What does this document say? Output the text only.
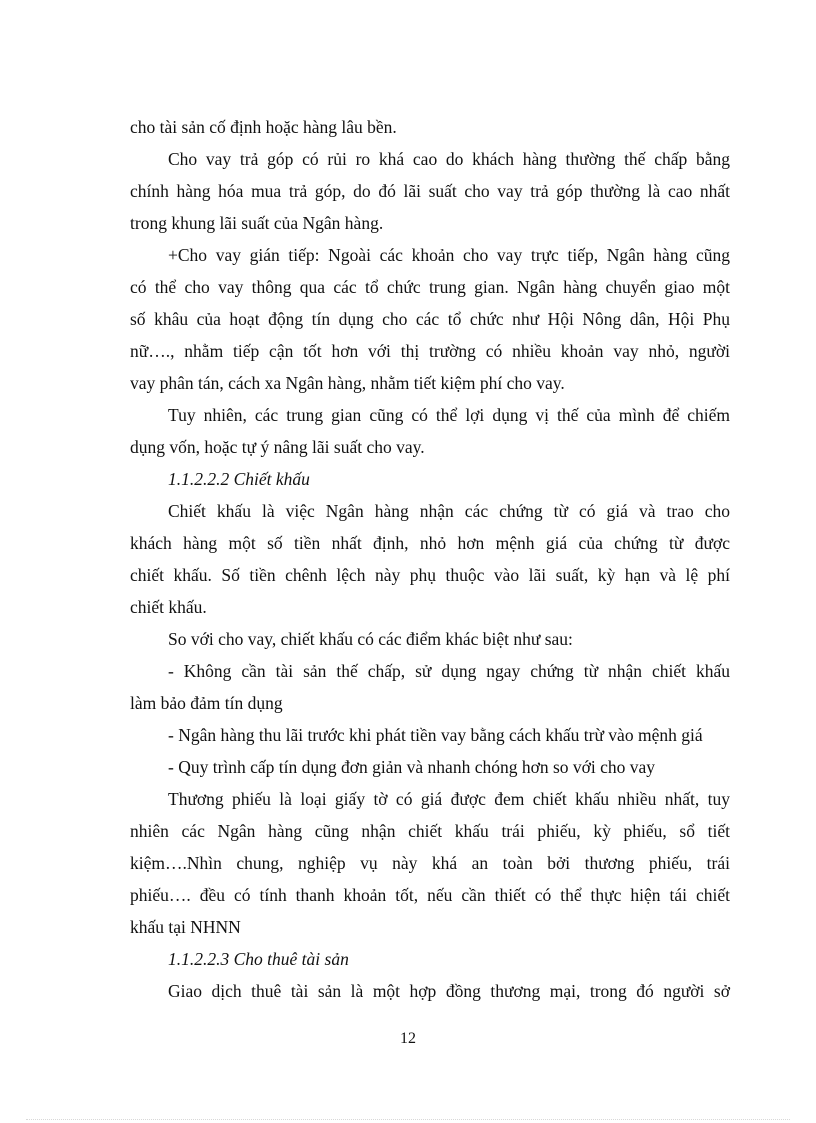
cho tài sản cố định hoặc hàng lâu bền.
Cho vay trả góp có rủi ro khá cao do khách hàng thường thế chấp bằng
chính hàng hóa mua trả góp, do đó lãi suất cho vay trả góp thường là cao nhất
trong khung lãi suất của Ngân hàng.
+Cho vay gián tiếp: Ngoài các khoản cho vay trực tiếp, Ngân hàng cũng
có thể cho vay thông qua các tổ chức trung gian. Ngân hàng chuyển giao một
số khâu của hoạt động tín dụng cho các tổ chức như Hội Nông dân, Hội Phụ
nữ…., nhằm tiếp cận tốt hơn với thị trường có nhiều khoản vay nhỏ, người
vay phân tán, cách xa Ngân hàng, nhằm tiết kiệm phí cho vay.
Tuy nhiên, các trung gian cũng có thể lợi dụng vị thế của mình để chiếm
dụng vốn, hoặc tự ý nâng lãi suất cho vay.
1.1.2.2.2 Chiết khấu
Chiết khấu là việc Ngân hàng nhận các chứng từ có giá và trao cho
khách hàng một số tiền nhất định, nhỏ hơn mệnh giá của chứng từ được
chiết khấu. Số tiền chênh lệch này phụ thuộc vào lãi suất, kỳ hạn và lệ phí
chiết khấu.
So với cho vay, chiết khấu có các điểm khác biệt như sau:
- Không cần tài sản thế chấp, sử dụng ngay chứng từ nhận chiết khấu
làm bảo đảm tín dụng
- Ngân hàng thu lãi trước khi phát tiền vay bằng cách khấu trừ vào mệnh giá
- Quy trình cấp tín dụng đơn giản và nhanh chóng hơn so với cho vay
Thương phiếu là loại giấy tờ có giá được đem chiết khấu nhiều nhất, tuy
nhiên các Ngân hàng cũng nhận chiết khấu trái phiếu, kỳ phiếu, sổ tiết
kiệm….Nhìn chung, nghiệp vụ này khá an toàn bởi thương phiếu, trái
phiếu…. đều có tính thanh khoản tốt, nếu cần thiết có thể thực hiện tái chiết
khấu tại NHNN
1.1.2.2.3 Cho thuê tài sản
Giao dịch thuê tài sản là một hợp đồng thương mại, trong đó người sở
12
